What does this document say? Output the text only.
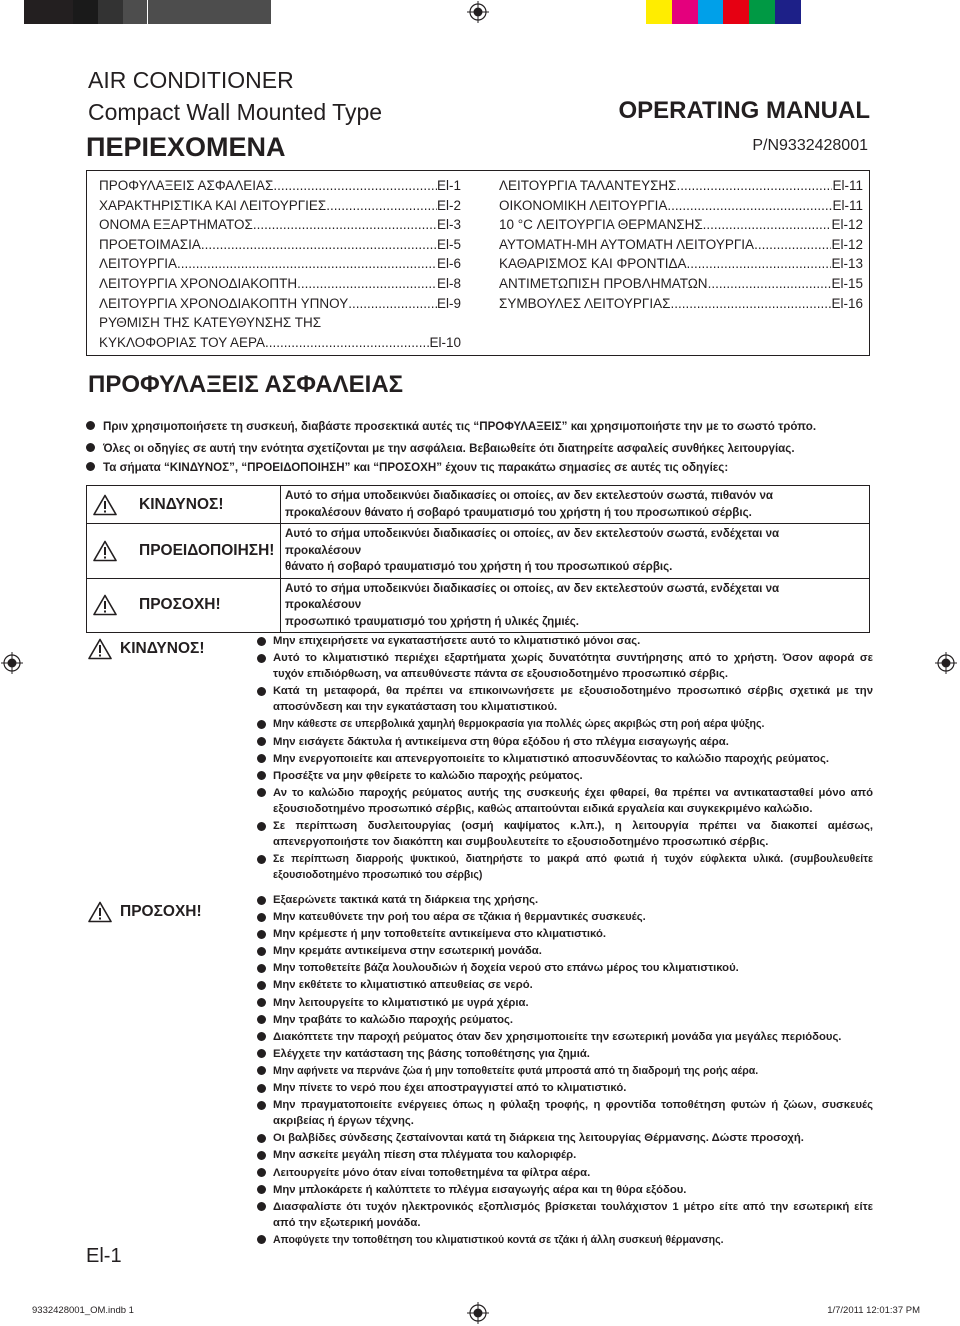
AIR CONDITIONER
Compact Wall Mounted Type
ΠΕΡΙΕΧΟΜΕΝΑ
OPERATING MANUAL
P/N9332428001
ΠΡΟΦΥΛΑΞΕΙΣ ΑΣΦΑΛΕΙΑΣ .....	El-1
ΧΑΡΑΚΤΗΡΙΣΤΙΚΑ ΚΑΙ ΛΕΙΤΟΥΡΓΙΕΣ .....	El-2
ΟΝΟΜΑ ΕΞΑΡΤΗΜΑΤΟΣ .....	El-3
ΠΡΟΕΤΟΙΜΑΣΙΑ .....	El-5
ΛΕΙΤΟΥΡΓΙΑ .....	El-6
ΛΕΙΤΟΥΡΓΙΑ ΧΡΟΝΟΔΙΑΚΟΠΤΗ .....	El-8
ΛΕΙΤΟΥΡΓΙΑ ΧΡΟΝΟΔΙΑΚΟΠΤΗ ΥΠΝΟΥ .....	El-9
ΡΥΘΜΙΣΗ ΤΗΣ ΚΑΤΕΥΘΥΝΣΗΣ ΤΗΣ
ΚΥΚΛΟΦΟΡΙΑΣ ΤΟΥ ΑΕΡΑ .....	El-10
ΛΕΙΤΟΥΡΓΙΑ ΤΑΛΑΝΤΕΥΣΗΣ .....	El-11
ΟΙΚΟΝΟΜΙΚΗ ΛΕΙΤΟΥΡΓΙΑ .....	El-11
10 °C ΛΕΙΤΟΥΡΓΙΑ ΘΕΡΜΑΝΣΗΣ .....	El-12
ΑΥΤΟΜΑΤΗ-ΜΗ ΑΥΤΟΜΑΤΗ ΛΕΙΤΟΥΡΓΙΑ .....	El-12
ΚΑΘΑΡΙΣΜΟΣ ΚΑΙ ΦΡΟΝΤΙΔΑ .....	El-13
ΑΝΤΙΜΕΤΩΠΙΣΗ ΠΡΟΒΛΗΜΑΤΩΝ .....	El-15
ΣΥΜΒΟΥΛΕΣ ΛΕΙΤΟΥΡΓΙΑΣ .....	El-16
ΠΡΟΦΥΛΑΞΕΙΣ ΑΣΦΑΛΕΙΑΣ
Πριν χρησιμοποιήσετε τη συσκευή, διαβάστε προσεκτικά αυτές τις “ΠΡΟΦΥΛΑΞΕΙΣ” και χρησιμοποιήστε την με το σωστό τρόπο.
Όλες οι οδηγίες σε αυτή την ενότητα σχετίζονται με την ασφάλεια. Βεβαιωθείτε ότι διατηρείτε ασφαλείς συνθήκες λειτουργίας.
Τα σήματα “ΚΙΝΔΥΝΟΣ”, “ΠΡΟΕΙΔΟΠΟΙΗΣΗ” και “ΠΡΟΣΟΧΗ” έχουν τις παρακάτω σημασίες σε αυτές τις οδηγίες:
ΚΙΝΔΥΝΟΣ!	Αυτό το σήμα υποδεικνύει διαδικασίες οι οποίες, αν δεν εκτελεστούν σωστά, πιθανόν να
προκαλέσουν θάνατο ή σοβαρό τραυματισμό του χρήστη ή του προσωπικού σέρβις.

ΠΡΟΕΙΔΟΠΟΙΗΣΗ!	Αυτό το σήμα υποδεικνύει διαδικασίες οι οποίες, αν δεν εκτελεστούν σωστά, ενδέχεται να
προκαλέσουν
θάνατο ή σοβαρό τραυματισμό του χρήστη ή του προσωπικού σέρβις.

ΠΡΟΣΟΧΗ!	Αυτό το σήμα υποδεικνύει διαδικασίες οι οποίες, αν δεν εκτελεστούν σωστά, ενδέχεται να
προκαλέσουν
προσωπικό τραυματισμό του χρήστη ή υλικές ζημιές.
ΚΙΝΔΥΝΟΣ!	Μην επιχειρήσετε να εγκαταστήσετε αυτό το κλιματιστικό μόνοι σας.
Αυτό το κλιματιστικό περιέχει εξαρτήματα χωρίς δυνατότητα συντήρησης από το χρήστη. Όσον αφορά σε τυχόν επιδιόρθωση, να απευθύνεστε πάντα σε εξουσιοδοτημένο προσωπικό σέρβις.
Κατά τη μεταφορά, θα πρέπει να επικοινωνήσετε με εξουσιοδοτημένο προσωπικό σέρβις σχετικά με την αποσύνδεση και την εγκατάσταση του κλιματιστικού.
Μην κάθεστε σε υπερβολικά χαμηλή θερμοκρασία για πολλές ώρες ακριβώς στη ροή αέρα ψύξης.
Μην εισάγετε δάκτυλα ή αντικείμενα στη θύρα εξόδου ή στο πλέγμα εισαγωγής αέρα.
Μην ενεργοποιείτε και απενεργοποιείτε το κλιματιστικό αποσυνδέοντας το καλώδιο παροχής ρεύματος.
Προσέξτε να μην φθείρετε το καλώδιο παροχής ρεύματος.
Αν το καλώδιο παροχής ρεύματος αυτής της συσκευής έχει φθαρεί, θα πρέπει να αντικατασταθεί μόνο από εξουσιοδοτημένο προσωπικό σέρβις, καθώς απαιτούνται ειδικά εργαλεία και συγκεκριμένο καλώδιο.
Σε περίπτωση δυσλειτουργίας (οσμή καψίματος κ.λπ.), η λειτουργία πρέπει να διακοπεί αμέσως, απενεργοποιήστε τον διακόπτη και συμβουλευτείτε το εξουσιοδοτημένο προσωπικό σέρβις.
Σε περίπτωση διαρροής ψυκτικού, διατηρήστε το μακρά από φωτιά ή τυχόν εύφλεκτα υλικά. (συμβουλευθείτε εξουσιοδοτημένο προσωπικό του σέρβις)
ΠΡΟΣΟΧΗ!
Εξαερώνετε τακτικά κατά τη διάρκεια της χρήσης.
Μην κατευθύνετε την ροή του αέρα σε τζάκια ή θερμαντικές συσκευές.
Μην κρέμεστε ή μην τοποθετείτε αντικείμενα στο κλιματιστικό.
Μην κρεμάτε αντικείμενα στην εσωτερική μονάδα.
Μην τοποθετείτε βάζα λουλουδιών ή δοχεία νερού στο επάνω μέρος του κλιματιστικού.
Μην εκθέτετε το κλιματιστικό απευθείας σε νερό.
Μην λειτουργείτε το κλιματιστικό με υγρά χέρια.
Μην τραβάτε το καλώδιο παροχής ρεύματος.
Διακόπτετε την παροχή ρεύματος όταν δεν χρησιμοποιείτε την εσωτερική μονάδα για μεγάλες περιόδους.
Ελέγχετε την κατάσταση της βάσης τοποθέτησης για ζημιά.
Μην αφήνετε να περνάνε ζώα ή μην τοποθετείτε φυτά μπροστά από τη διαδρομή της ροής αέρα.
Μην πίνετε το νερό που έχει αποστραγγιστεί από το κλιματιστικό.
Μην πραγματοποιείτε ενέργειες όπως η φύλαξη τροφής, η φροντίδα τοποθέτηση φυτών ή ζώων, συσκευές ακριβείας ή έργων τέχνης.
Οι βαλβίδες σύνδεσης ζεσταίνονται κατά τη διάρκεια της λειτουργίας Θέρμανσης. Δώστε προσοχή.
Μην ασκείτε μεγάλη πίεση στα πλέγματα του καλοριφέρ.
Λειτουργείτε μόνο όταν είναι τοποθετημένα τα φίλτρα αέρα.
Μην μπλοκάρετε ή καλύπτετε το πλέγμα εισαγωγής αέρα και τη θύρα εξόδου.
Διασφαλίστε ότι τυχόν ηλεκτρονικός εξοπλισμός βρίσκεται τουλάχιστον 1 μέτρο είτε από την εσωτερική είτε από την εξωτερική μονάδα.
Αποφύγετε την τοποθέτηση του κλιματιστικού κοντά σε τζάκι ή άλλη συσκευή θέρμανσης.
El-1
9332428001_OM.indb 1	1/7/2011 12:01:37 PM
